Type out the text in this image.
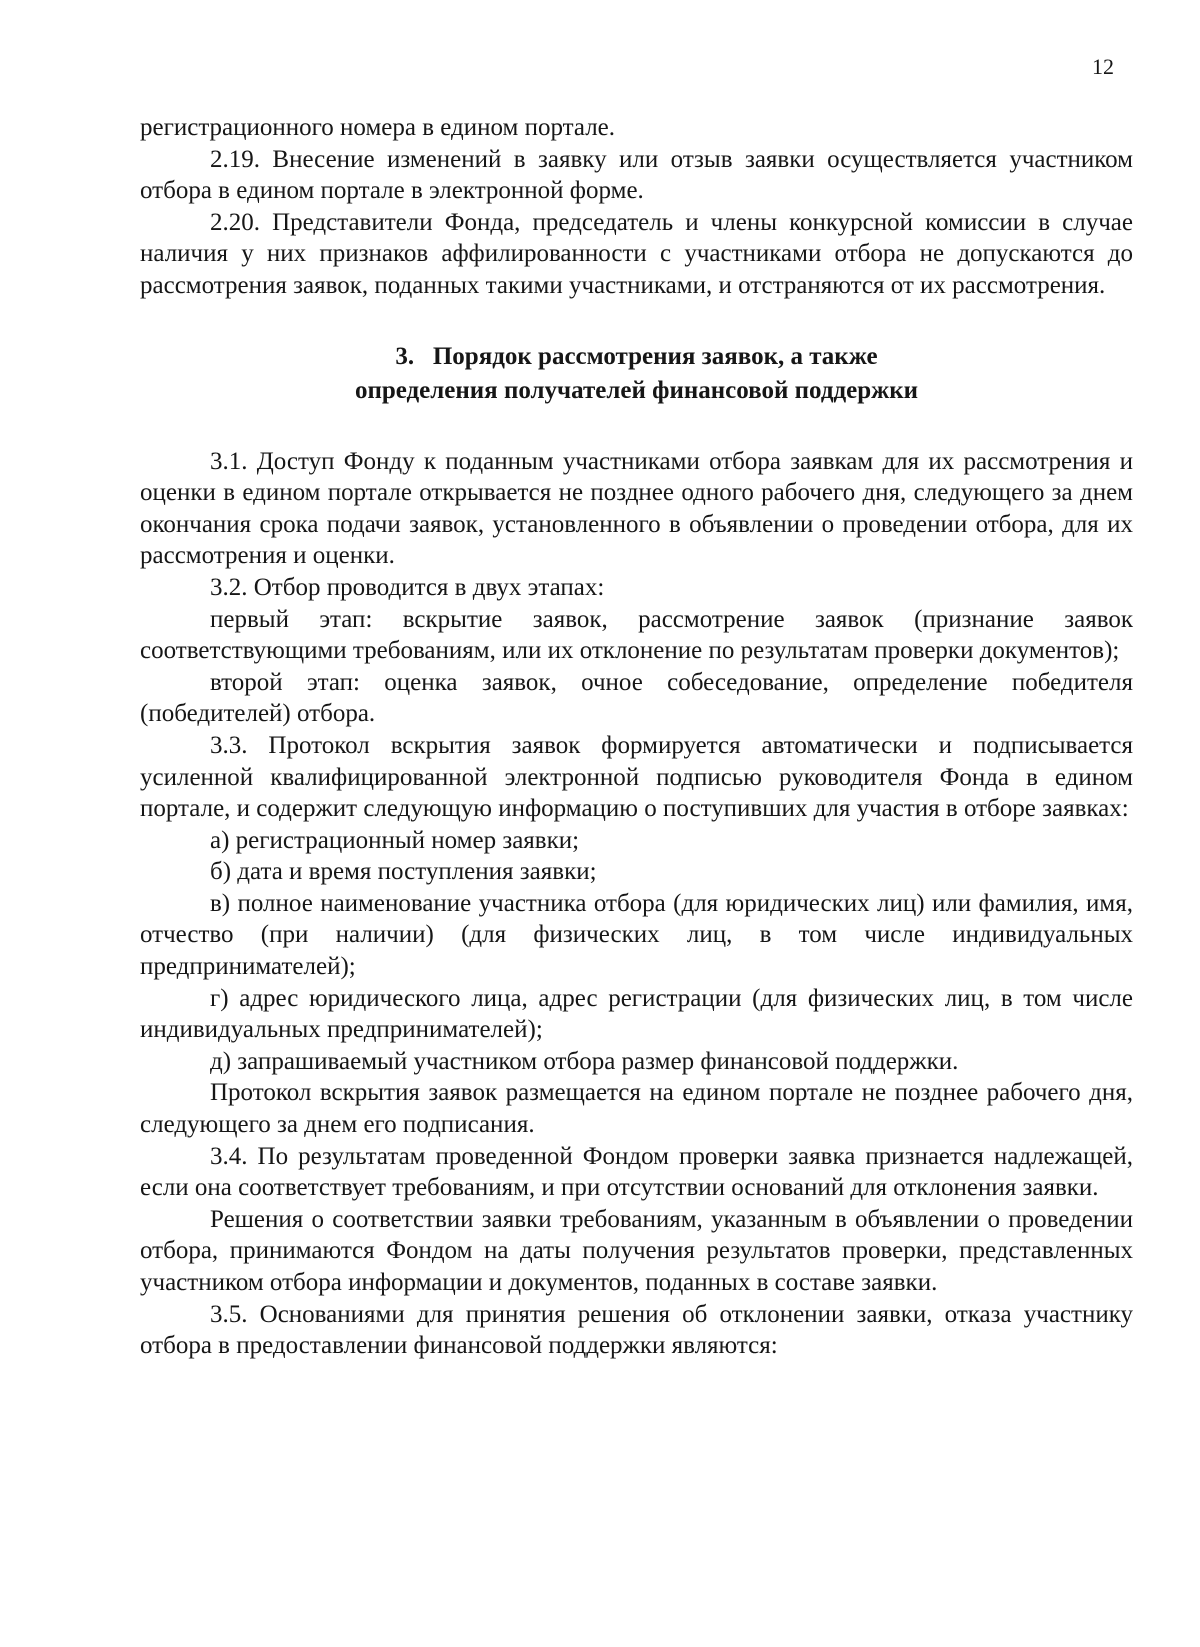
12

регистрационного номера в едином портале.

2.19. Внесение изменений в заявку или отзыв заявки осуществляется участником отбора в едином портале в электронной форме.

2.20. Представители Фонда, председатель и члены конкурсной комиссии в случае наличия у них признаков аффилированности с участниками отбора не допускаются до рассмотрения заявок, поданных такими участниками, и отстраняются от их рассмотрения.

3.   Порядок рассмотрения заявок, а также
определения получателей финансовой поддержки

3.1. Доступ Фонду к поданным участниками отбора заявкам для их рассмотрения и оценки в едином портале открывается не позднее одного рабочего дня, следующего за днем окончания срока подачи заявок, установленного в объявлении о проведении отбора, для их рассмотрения и оценки.

3.2. Отбор проводится в двух этапах:

первый этап: вскрытие заявок, рассмотрение заявок (признание заявок соответствующими требованиям, или их отклонение по результатам проверки документов);

второй этап: оценка заявок, очное собеседование, определение победителя (победителей) отбора.

3.3. Протокол вскрытия заявок формируется автоматически и подписывается усиленной квалифицированной электронной подписью руководителя Фонда в едином портале, и содержит следующую информацию о поступивших для участия в отборе заявках:

а) регистрационный номер заявки;

б) дата и время поступления заявки;

в) полное наименование участника отбора (для юридических лиц) или фамилия, имя, отчество (при наличии) (для физических лиц, в том числе индивидуальных предпринимателей);

г) адрес юридического лица, адрес регистрации (для физических лиц, в том числе индивидуальных предпринимателей);

д) запрашиваемый участником отбора размер финансовой поддержки.

Протокол вскрытия заявок размещается на едином портале не позднее рабочего дня, следующего за днем его подписания.

3.4. По результатам проведенной Фондом проверки заявка признается надлежащей, если она соответствует требованиям, и при отсутствии оснований для отклонения заявки.

Решения о соответствии заявки требованиям, указанным в объявлении о проведении отбора, принимаются Фондом на даты получения результатов проверки, представленных участником отбора информации и документов, поданных в составе заявки.

3.5. Основаниями для принятия решения об отклонении заявки, отказа участнику отбора в предоставлении финансовой поддержки являются:
